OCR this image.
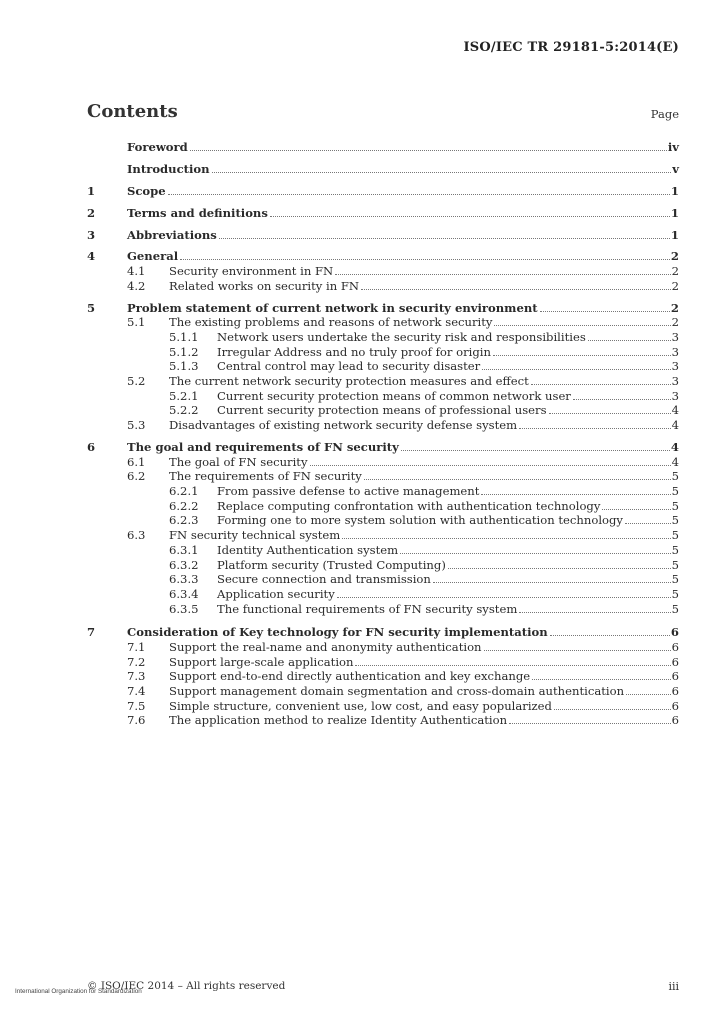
ISO/IEC TR 29181-5:2014(E)
Contents	Page
Foreword	iv
Introduction	v
1	Scope	1
2	Terms and definitions	1
3	Abbreviations	1
4	General	2
4.1	Security environment in FN	2
4.2	Related works on security in FN	2
5	Problem statement of current network in security environment	2
5.1	The existing problems and reasons of network security	2
5.1.1	Network users undertake the security risk and responsibilities	3
5.1.2	Irregular Address and no truly proof for origin	3
5.1.3	Central control may lead to security disaster	3
5.2	The current network security protection measures and effect	3
5.2.1	Current security protection means of common network user	3
5.2.2	Current security protection means of professional users	4
5.3	Disadvantages of existing network security defense system	4
6	The goal and requirements of FN security	4
6.1	The goal of FN security	4
6.2	The requirements of FN security	5
6.2.1	From passive defense to active management	5
6.2.2	Replace computing confrontation with authentication technology	5
6.2.3	Forming one to more system solution with authentication technology	5
6.3	FN security technical system	5
6.3.1	Identity Authentication system	5
6.3.2	Platform security (Trusted Computing)	5
6.3.3	Secure connection and transmission	5
6.3.4	Application security	5
6.3.5	The functional requirements of FN security system	5
7	Consideration of Key technology for FN security implementation	6
7.1	Support the real-name and anonymity authentication	6
7.2	Support large-scale application	6
7.3	Support end-to-end directly authentication and key exchange	6
7.4	Support management domain segmentation and cross-domain authentication	6
7.5	Simple structure, convenient use, low cost, and easy popularized	6
7.6	The application method to realize Identity Authentication	6
© ISO/IEC 2014 – All rights reserved	iii
International Organization for Standardization
